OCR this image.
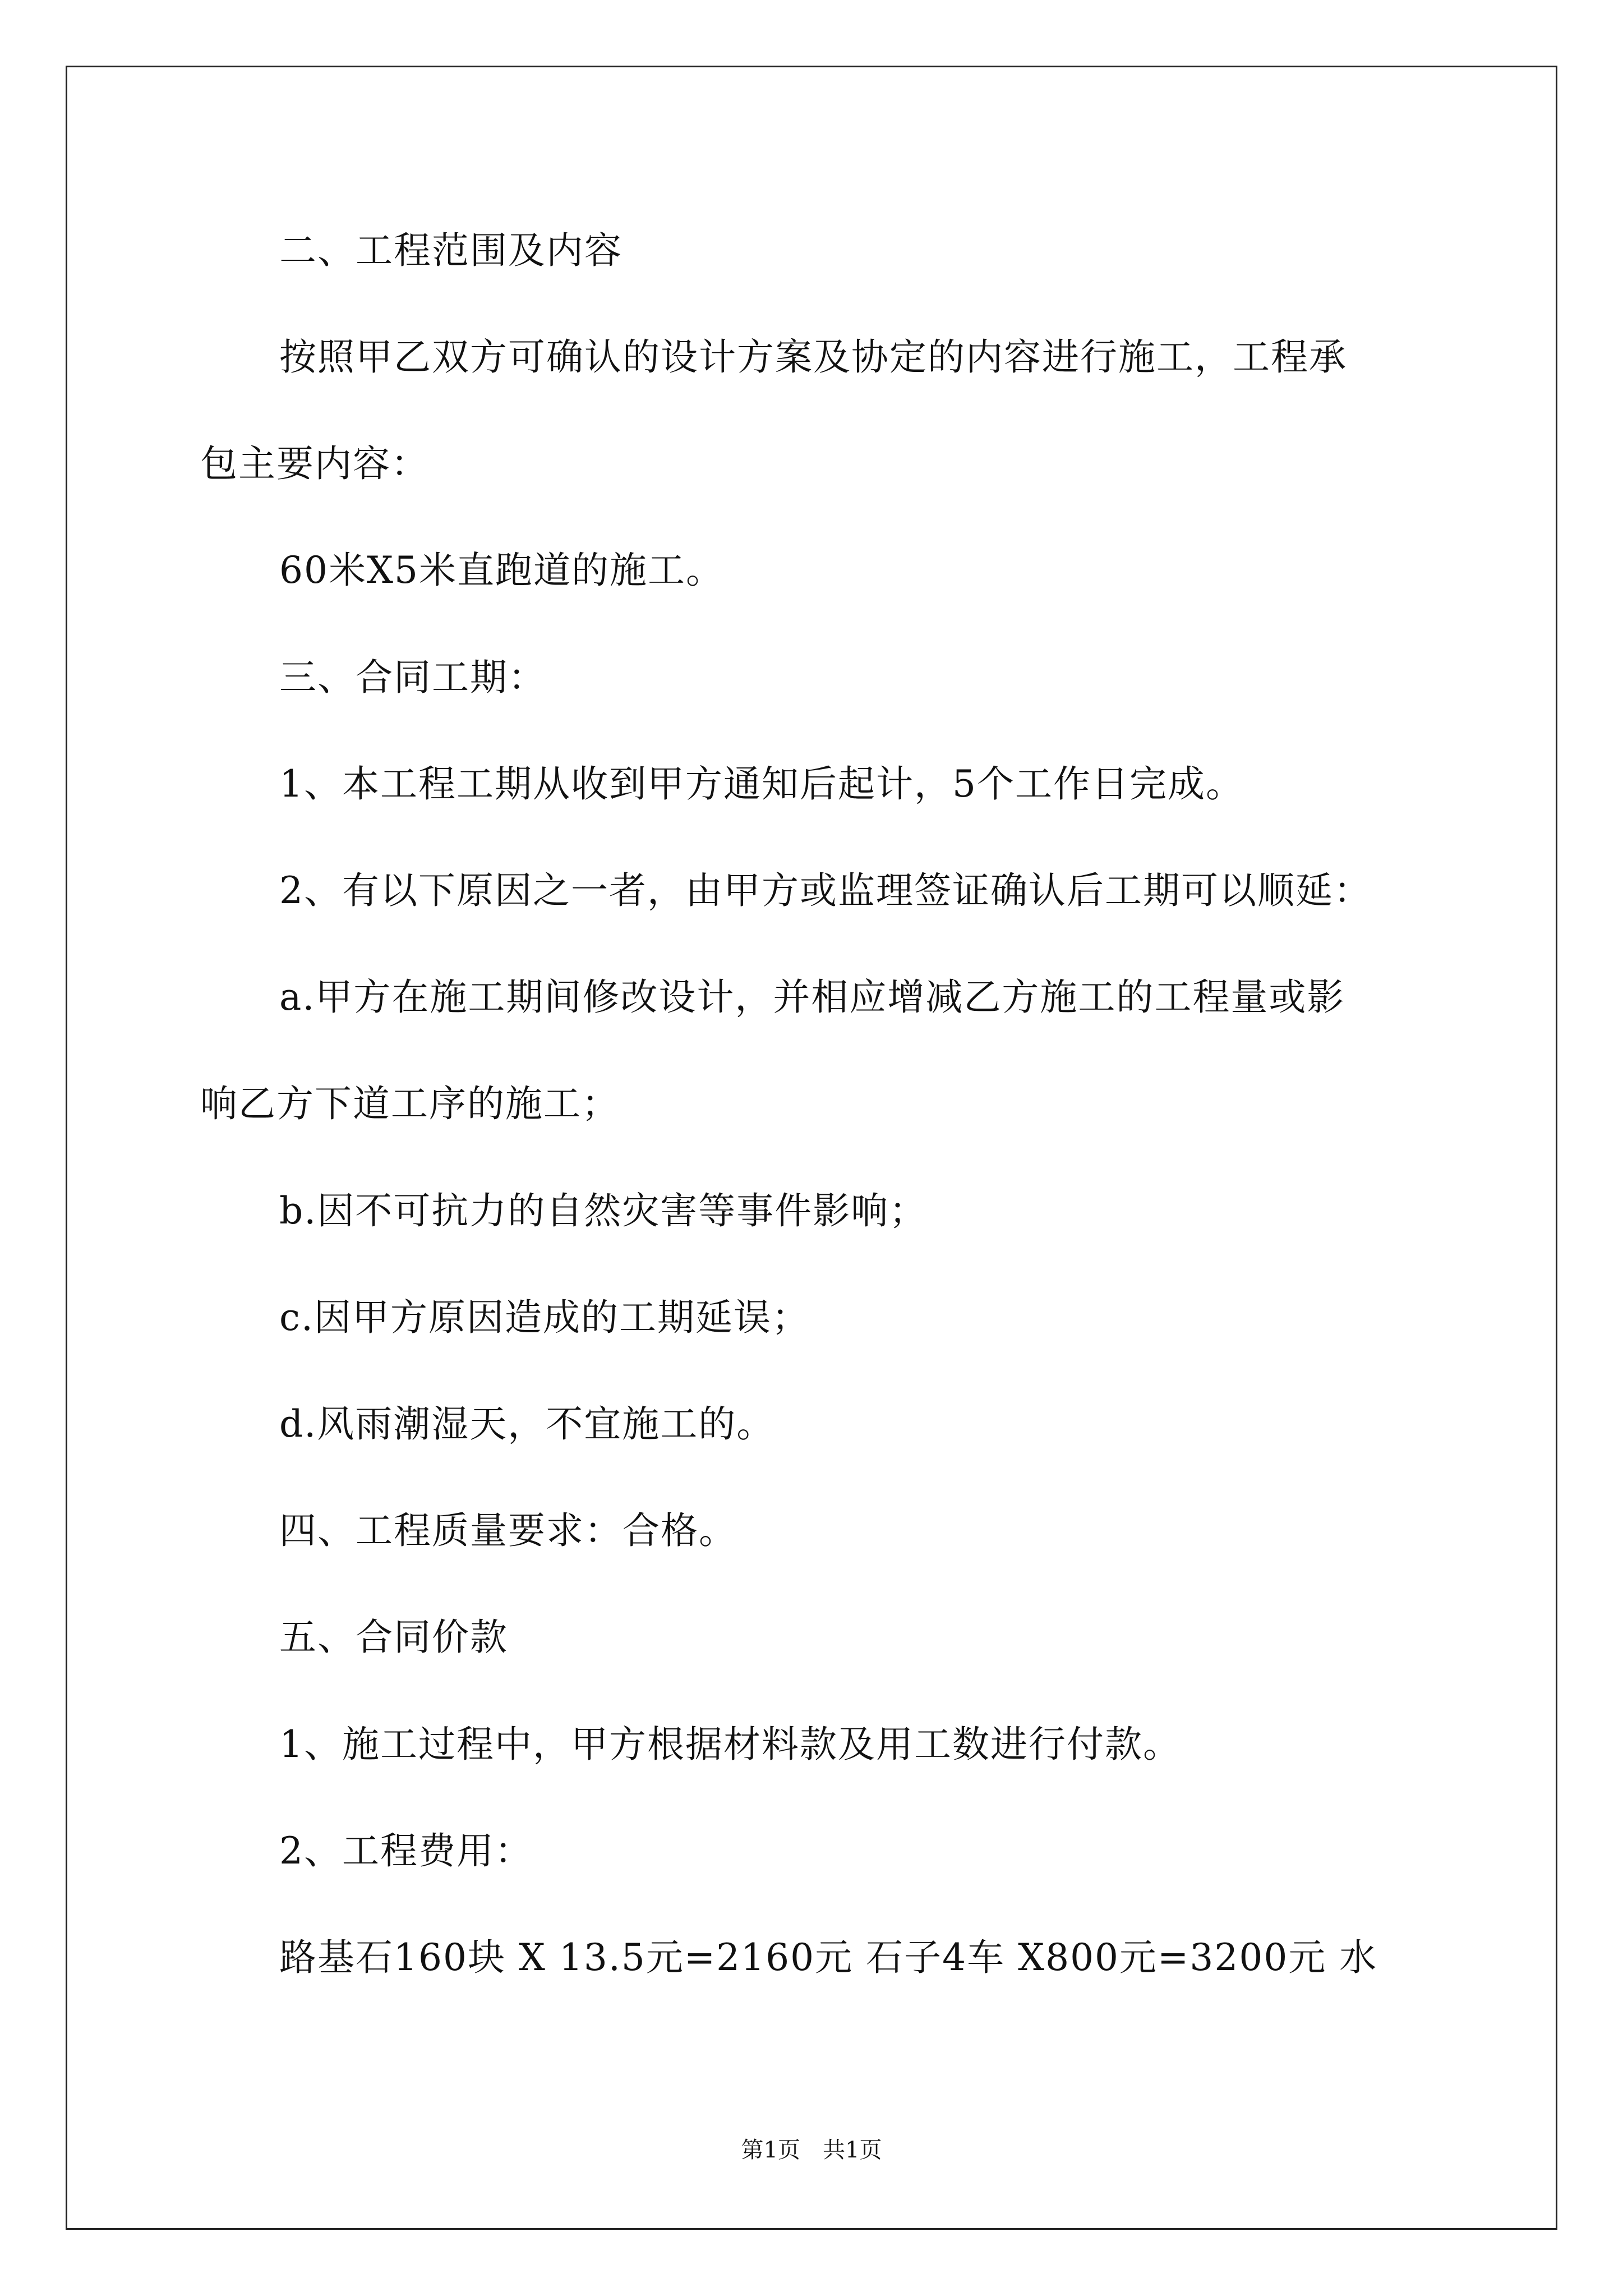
二、工程范围及内容
按照甲乙双方可确认的设计方案及协定的内容进行施工，工程承
包主要内容：
60米X5米直跑道的施工。
三、合同工期：
1、本工程工期从收到甲方通知后起计，5个工作日完成。
2、有以下原因之一者，由甲方或监理签证确认后工期可以顺延：
a.甲方在施工期间修改设计，并相应增减乙方施工的工程量或影
响乙方下道工序的施工；
b.因不可抗力的自然灾害等事件影响；
c.因甲方原因造成的工期延误；
d.风雨潮湿天，不宜施工的。
四、工程质量要求：合格。
五、合同价款
1、施工过程中，甲方根据材料款及用工数进行付款。
2、工程费用：
路基石160块 X 13.5元=2160元 石子4车 X800元=3200元 水
第1页　共1页
